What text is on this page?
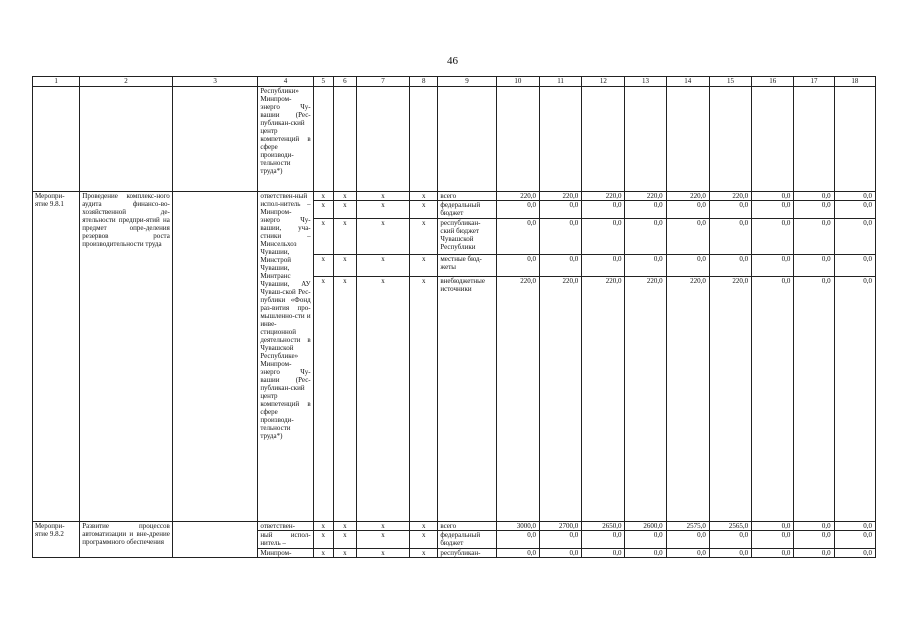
46
1	2	3	4	5	6	7	8	9	10	11	12	13	14	15	16	17	18
			Республики» Минпром-энерго Чу-вашии (Рес-публикан-ский центр компетенций в сфере производи-тельности труда*)														
Меропри-ятие 9.8.1	Проведение комплекс-ного аудита финансо-во-хозяйственной де-ятельности предпри-ятий на предмет опре-деления резервов роста производительности труда		ответствен-ный испол-нитель – Минпром-энерго Чу-вашии, уча-стники – Минсельхоз Чувашии, Минстрой Чувашии, Минтранс Чувашии, АУ Чуваш-ской Рес-публики «Фонд раз-вития про-мышленно-сти и инве-стиционной деятельности в Чувашской Республике» Минпром-энерго Чу-вашии (Рес-публикан-ский центр компетенций в сфере производи-тельности труда*)	x	x	x	x	всего	220,0	220,0	220,0	220,0	220,0	220,0	0,0	0,0	0,0
				x	x	x	x	федеральный бюджет	0,0	0,0	0,0	0,0	0,0	0,0	0,0	0,0	0,0
				x	x	x	x	республикан-ский бюджет Чувашской Республики	0,0	0,0	0,0	0,0	0,0	0,0	0,0	0,0	0,0
				x	x	x	x	местные бюд-жеты	0,0	0,0	0,0	0,0	0,0	0,0	0,0	0,0	0,0
				x	x	x	x	внебюджетные источники	220,0	220,0	220,0	220,0	220,0	220,0	0,0	0,0	0,0
Меропри-ятие 9.8.2	Развитие процессов автоматизации и вне-дрение программного обеспечения		ответствен-	x	x	x	x	всего	3000,0	2700,0	2650,0	2600,0	2575,0	2565,0	0,0	0,0	0,0
			ный испол-нитель –	x	x	x	x	федеральный бюджет	0,0	0,0	0,0	0,0	0,0	0,0	0,0	0,0	0,0
			Минпром-	x	x	x	x	республикан-	0,0	0,0	0,0	0,0	0,0	0,0	0,0	0,0	0,0
